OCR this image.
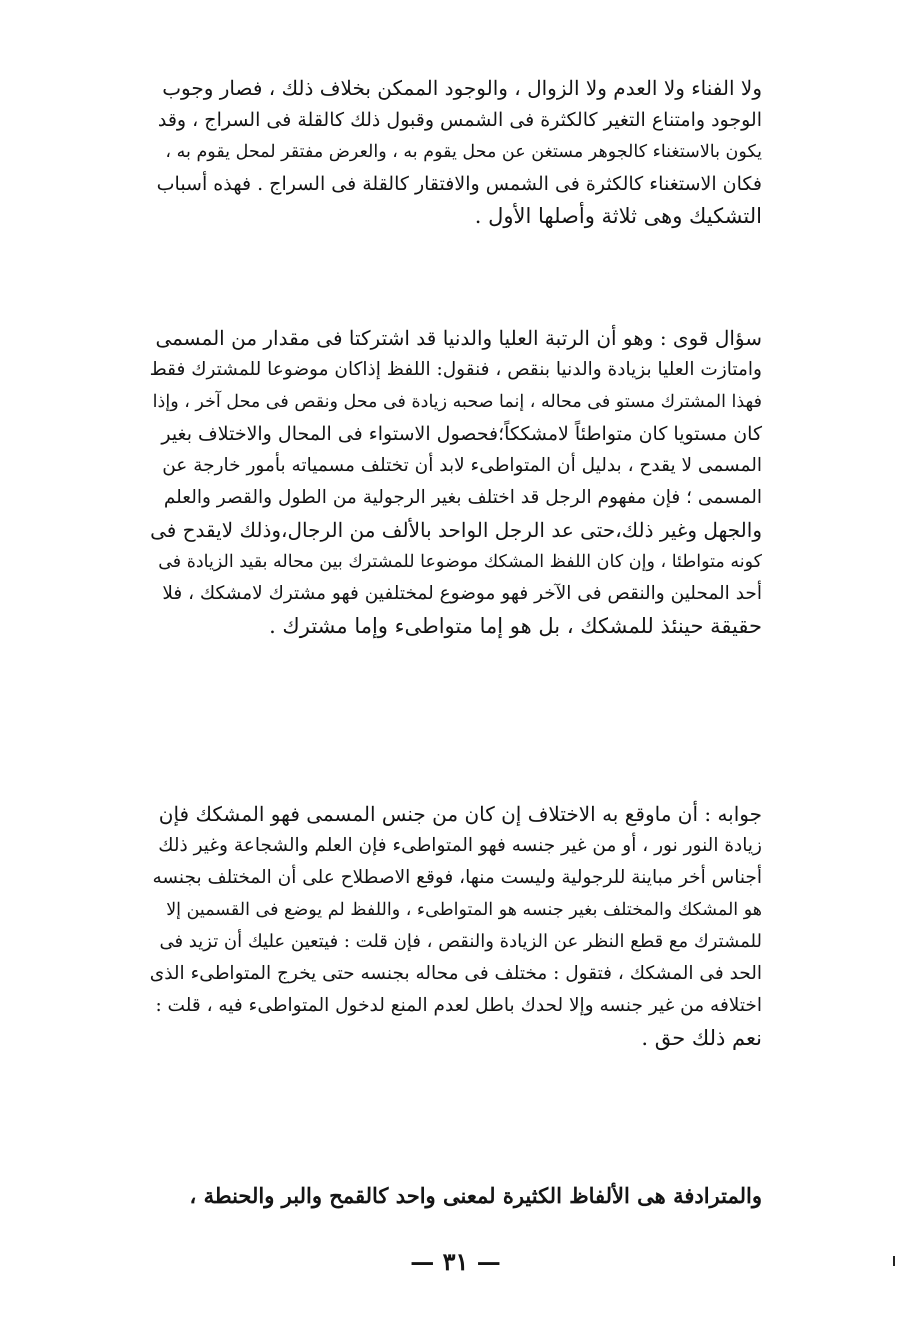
ولا الفناء ولا العدم ولا الزوال ، والوجود الممكن بخلاف ذلك ، فصار وجوب
الوجود وامتناع التغير كالكثرة فى الشمس وقبول ذلك كالقلة فى السراج ، وقد
يكون بالاستغناء كالجوهر مستغن عن محل يقوم به ، والعرض مفتقر لمحل يقوم به ،
فكان الاستغناء كالكثرة فى الشمس والافتقار كالقلة فى السراج . فهذه أسباب
التشكيك وهى ثلاثة وأصلها الأول .
سؤال قوى : وهو أن الرتبة العليا والدنيا قد اشتركتا فى مقدار من المسمى
وامتازت العليا بزيادة والدنيا بنقص ، فنقول: اللفظ إذاكان موضوعا للمشترك فقط
فهذا المشترك مستو فى محاله ، إنما صحبه زيادة فى محل ونقص فى محل آخر ، وإذا
كان مستويا كان متواطئاً لامشككاً؛فحصول الاستواء فى المحال والاختلاف بغير
المسمى لا يقدح ، بدليل أن المتواطىء لابد أن تختلف مسمياته بأمور خارجة عن
المسمى ؛ فإن مفهوم الرجل قد اختلف بغير الرجولية من الطول والقصر والعلم
والجهل وغير ذلك،حتى عد الرجل الواحد بالألف من الرجال،وذلك لايقدح فى
كونه متواطئا ، وإن كان اللفظ المشكك موضوعا للمشترك بين محاله بقيد الزيادة فى
أحد المحلين والنقص فى الآخر فهو موضوع لمختلفين فهو مشترك لامشكك ، فلا
حقيقة حينئذ للمشكك ، بل هو إما متواطىء وإما مشترك .
جوابه : أن ماوقع به الاختلاف إن كان من جنس المسمى فهو المشكك فإن
زيادة النور نور ، أو من غير جنسه فهو المتواطىء فإن العلم والشجاعة وغير ذلك
أجناس أخر مباينة للرجولية وليست منها، فوقع الاصطلاح على أن المختلف بجنسه
هو المشكك والمختلف بغير جنسه هو المتواطىء ، واللفظ لم يوضع فى القسمين إلا
للمشترك مع قطع النظر عن الزيادة والنقص ، فإن قلت : فيتعين عليك أن تزيد فى
الحد فى المشكك ، فتقول : مختلف فى محاله بجنسه حتى يخرج المتواطىء الذى
اختلافه من غير جنسه وإلا لحدك باطل لعدم المنع لدخول المتواطىء فيه ، قلت :
نعم ذلك حق .
والمترادفة هى الألفاظ الكثيرة لمعنى واحد كالقمح والبر والحنطة ،
— ٣١ —
